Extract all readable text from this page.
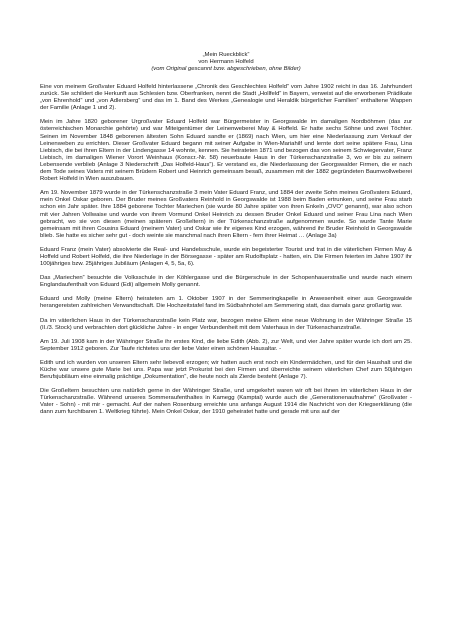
„Mein Rueckblick“
von Hermann Holfeld
(vom Original gescannt bzw. abgeschrieben, ohne Bilder)

Eine von meinem Großvater Eduard Holfeld hinterlassene „Chronik des Geschlechtes Holfeld“ vom Jahre 1902 reicht in das 16. Jahrhundert zurück. Sie schildert die Herkunft aus Schlesien bzw. Oberfranken, nennt die Stadt „Hollfeld“ in Bayern, verweist auf die erworbenen Prädikate „von Ehrenhold“ und „von Adlersberg“ und das im 1. Band des Werkes „Genealogie und Heraldik bürgerlicher Familien“ enthaltene Wappen der Familie (Anlage 1 und 2).

Mein im Jahre 1820 geborener Urgroßvater Eduard Holfeld war Bürgermeister in Georgswalde im damaligen Nordböhmen (das zur österreichischen Monarchie gehörte) und war Miteigentümer der Leinenweberei May & Hoffeld. Er hatte sechs Söhne und zwei Töchter. Seinen im November 1848 geborenen ältesten Sohn Eduard sandte er (1869) nach Wien, um hier eine Niederlassung zum Verkauf der Leinenweben zu errichten. Dieser Großvater Eduard begann mit seiner Aufgabe in Wien-Mariahilf und lernte dort seine spätere Frau, Lina Liebisch, die bei ihren Eltern in der Lindengasse 14 wohnte, kennen. Sie heirateten 1871 und bezogen das von seinem Schwiegervater, Franz Liebisch, im damaligen Wiener Vorort Weinhaus (Konscr.-Nr. 58) neuerbaute Haus in der Türkenschanzstraße 3, wo er bis zu seinem Lebensende verblieb (Anlage 3 Niederschrift „Das Holfeld-Haus“). Er verstand es, die Niederlassung der Georgswalder Firmen, die er nach dem Tode seines Vaters mit seinem Brüdern Robert und Heinrich gemeinsam besaß, zusammen mit der 1882 gegründeten Baumwollweberei Robert Holfeld in Wien auszubauen.

Am 19. November 1879 wurde in der Türkenschanzstraße 3 mein Vater Eduard Franz, und 1884 der zweite Sohn meines Großvaters Eduard, mein Onkel Oskar geboren. Der Bruder meines Großvaters Reinhold in Georgswalde ist 1988 beim Baden ertrunken, und seine Frau starb schon ein Jahr später. Ihre 1884 geborene Tochter Mariechen (sie wurde 80 Jahre später von ihren Enkeln „OVO“ genannt), war also schon mit vier Jahren Vollwaise und wurde von ihrem Vormund Onkel Heinrich zu dessen Bruder Onkel Eduard und seiner Frau Lina nach Wien gebracht, wo sie von diesen (meinen späteren Großeltern) in der Türkenschanzstraße aufgenommen wurde. So wurde Tante Marie gemeinsam mit ihren Cousins Eduard (meinem Vater) und Oskar wie ihr eigenes Kind erzogen, während ihr Bruder Reinhold in Georgswalde blieb. Sie hatte es sicher sehr gut - doch weinte sie manchmal nach ihren Eltern - fern ihrer Heimat … (Anlage 3a)

Eduard Franz (mein Vater) absolvierte die Real- und Handelsschule, wurde ein begeisterter Tourist und trat in die väterlichen Firmen May & Hoffeld und Robert Holfeld, die ihre Niederlage in der Börsegasse - später am Rudolfsplatz - hatten, ein. Die Firmen feierten im Jahre 1907 ihr 100jähriges bzw. 25jähriges Jubiläum (Anlagen 4, 5, 5a, 6).

Das „Mariechen“ besuchte die Volksschule in der Köhlergasse und die Bürgerschule in der Schopenhauerstraße und wurde nach einem Englandaufenthalt von Eduard (Edi) allgemein Molly genannt.

Eduard und Molly (meine Eltern) heirateten am 1. Oktober 1907 in der Semmeringkapelle in Anwesenheit einer aus Georgswalde herangereisten zahlreichen Verwandtschaft. Die Hochzeitstafel fand im Südbahnhotel am Semmering statt, das damals ganz großartig war.

Da im väterlichen Haus in der Türkenschanzstraße kein Platz war, bezogen meine Eltern eine neue Wohnung in der Währinger Straße 15 (II./3. Stock) und verbrachten dort glückliche Jahre - in enger Verbundenheit mit dem Vaterhaus in der Türkenschanzstraße.

Am 19. Juli 1908 kam in der Währinger Straße ihr erstes Kind, die liebe Edith (Abb. 2), zur Welt, und vier Jahre später wurde ich dort am 25. September 1912 geboren. Zur Taufe richtetes uns der liebe Vater einen schönen Hausaltar. -

Edith und ich wurden von unseren Eltern sehr liebevoll erzogen; wir hatten auch erst noch ein Kindermädchen, und für den Haushalt und die Küche war unsere gute Marie bei uns. Papa war jetzt Prokurist bei den Firmen und überreichte seinem väterlichen Chef zum 50jährigen Berufsjubiläum eine einmalig prächtige „Dokumentation“, die heute noch als Zierde besteht (Anlage 7).

Die Großeltern besuchten uns natürlich gerne in der Währinger Straße, und umgekehrt waren wir oft bei ihnen im väterlichen Haus in der Türkenschanzstraße. Während unseres Sommeraufenthaltes in Kamegg (Kamptal) wurde auch die „Generationenaufnahme“ (Großvater - Vater - Sohn) - mit mir - gemacht. Auf der nahen Rosenburg erreichte uns anfangs August 1914 die Nachricht von der Kriegserklärung (die dann zum furchtbaren 1. Weltkrieg führte). Mein Onkel Oskar, der 1910 geheiratet hatte und gerade mit uns auf der
